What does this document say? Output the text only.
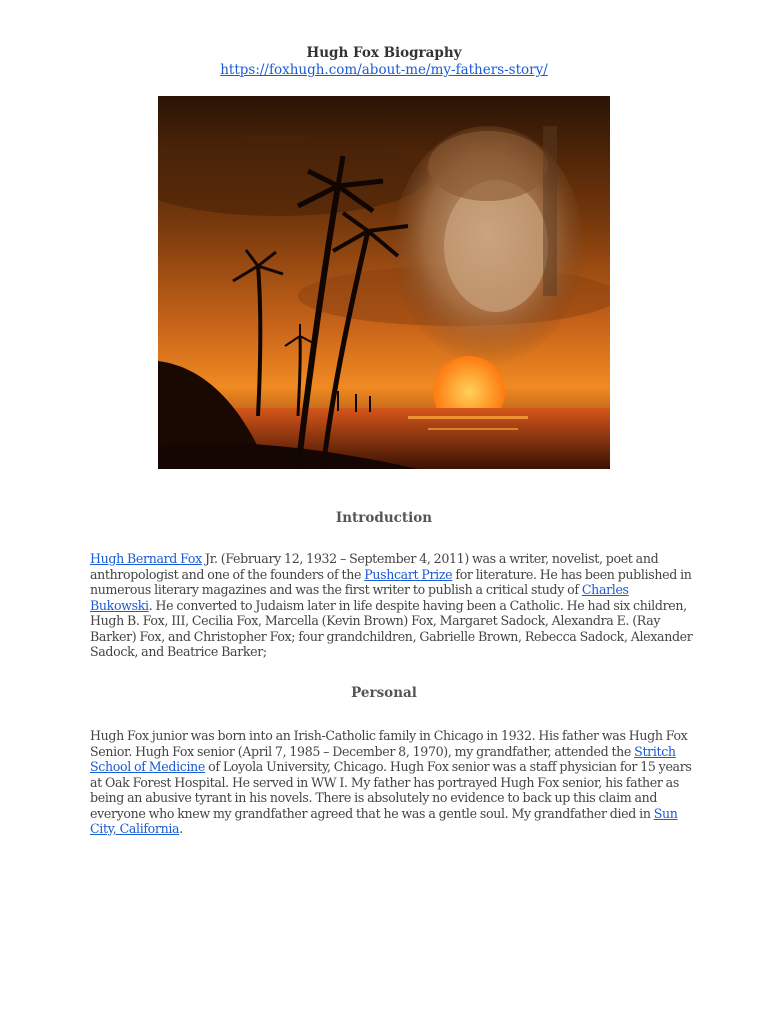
Hugh Fox Biography
https://foxhugh.com/about-me/my-fathers-story/
Introduction
Hugh Bernard Fox Jr. (February 12, 1932 – September 4, 2011) was a writer, novelist, poet and
anthropologist and one of the founders of the Pushcart Prize for literature. He has been published in
numerous literary magazines and was the first writer to publish a critical study of Charles
Bukowski. He converted to Judaism later in life despite having been a Catholic. He had six children,
Hugh B. Fox, III, Cecilia Fox, Marcella (Kevin Brown) Fox, Margaret Sadock, Alexandra E. (Ray
Barker) Fox, and Christopher Fox; four grandchildren, Gabrielle Brown, Rebecca Sadock, Alexander
Sadock, and Beatrice Barker;
Personal
Hugh Fox junior was born into an Irish-Catholic family in Chicago in 1932. His father was Hugh Fox
Senior. Hugh Fox senior (April 7, 1985 – December 8, 1970), my grandfather, attended the Stritch
School of Medicine of Loyola University, Chicago. Hugh Fox senior was a staff physician for 15 years
at Oak Forest Hospital. He served in WW I. My father has portrayed Hugh Fox senior, his father as
being an abusive tyrant in his novels. There is absolutely no evidence to back up this claim and
everyone who knew my grandfather agreed that he was a gentle soul. My grandfather died in Sun
City, California.
